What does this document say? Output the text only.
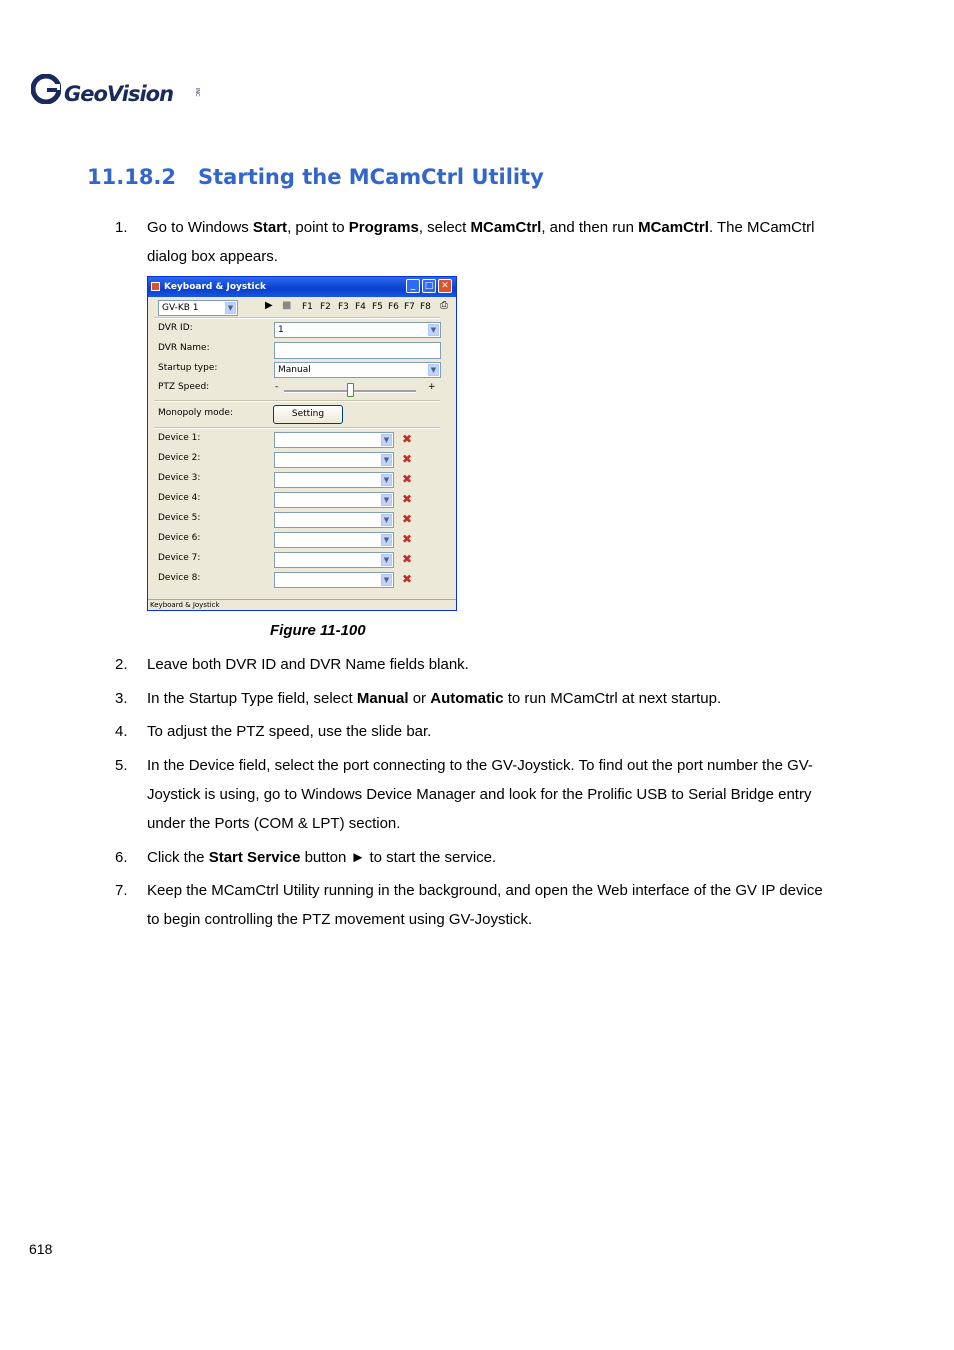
GeoVision	INC
11.18.2 Starting the MCamCtrl Utility
1. Go to Windows Start, point to Programs, select MCamCtrl, and then run MCamCtrl. The MCamCtrl dialog box appears.
Keyboard & Joystick	_	□ ✕
GV-KB 1	▼	▶ ■ F1 F2 F3 F4 F5 F6 F7 F8 ⎙
DVR ID:	1	▼
DVR Name:
Startup type:	Manual	▼
PTZ Speed:	-	+
Monopoly mode:	Setting
Keyboard & Joystick
Device 1:	▼ ✖
Device 2:	▼ ✖
Device 3:	▼ ✖
Device 4:	▼ ✖
Device 5:	▼ ✖
Device 6:	▼ ✖
Device 7:	▼ ✖
Device 8:	▼ ✖
Figure 11-100
2. Leave both DVR ID and DVR Name fields blank.
3. In the Startup Type field, select Manual or Automatic to run MCamCtrl at next startup.
4. To adjust the PTZ speed, use the slide bar.
5. In the Device field, select the port connecting to the GV-Joystick. To find out the port number the GV-Joystick is using, go to Windows Device Manager and look for the Prolific USB to Serial Bridge entry under the Ports (COM & LPT) section.
6. Click the Start Service button ► to start the service.
7. Keep the MCamCtrl Utility running in the background, and open the Web interface of the GV IP device to begin controlling the PTZ movement using GV-Joystick.
618
